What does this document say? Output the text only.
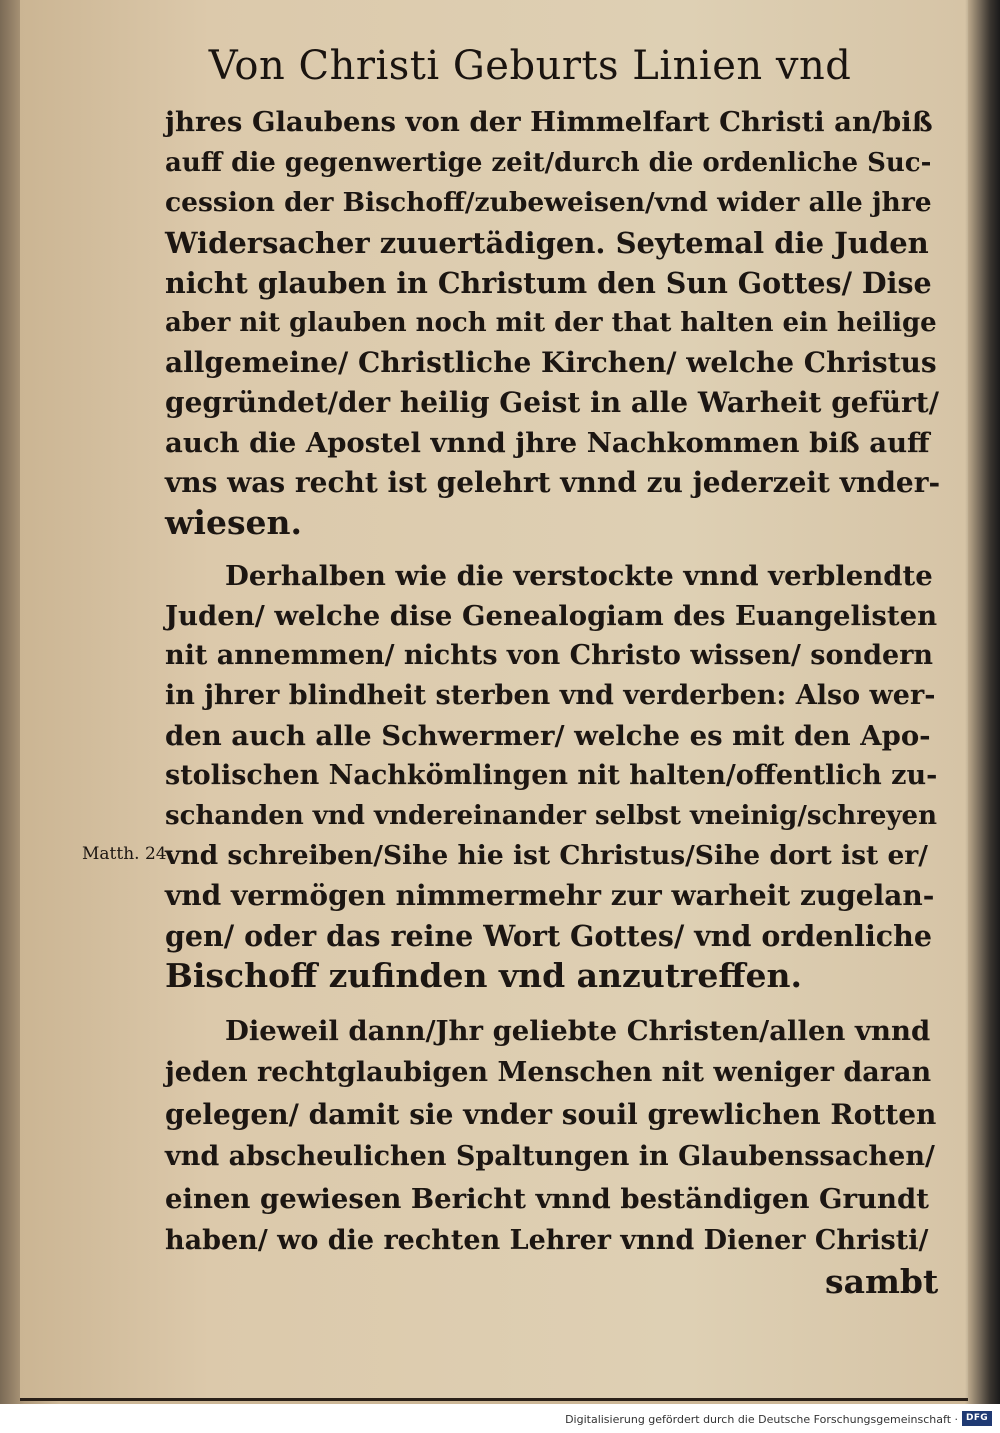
Von Christi Geburts Linien vnd
jhres Glaubens von der Himmelfart Christi an/biß
auff die gegenwertige zeit/durch die ordenliche Suc-
cession der Bischoff/zubeweisen/vnd wider alle jhre
Widersacher zuuertädigen. Seytemal die Juden
nicht glauben in Christum den Sun Gottes/ Dise
aber nit glauben noch mit der that halten ein heilige
allgemeine/ Christliche Kirchen/ welche Christus
gegründet/der heilig Geist in alle Warheit gefürt/
auch die Apostel vnnd jhre Nachkommen biß auff
vns was recht ist gelehrt vnnd zu jederzeit vnder-
wiesen.
Derhalben wie die verstockte vnnd verblendte
Juden/ welche dise Genealogiam des Euangelisten
nit annemmen/ nichts von Christo wissen/ sondern
in jhrer blindheit sterben vnd verderben: Also wer-
den auch alle Schwermer/ welche es mit den Apo-
stolischen Nachkömlingen nit halten/offentlich zu-
schanden vnd vndereinander selbst vneinig/schreyen
vnd schreiben/Sihe hie ist Christus/Sihe dort ist er/
vnd vermögen nimmermehr zur warheit zugelan-
gen/ oder das reine Wort Gottes/ vnd ordenliche
Bischoff zufinden vnd anzutreffen.
Dieweil dann/Jhr geliebte Christen/allen vnnd
jeden rechtglaubigen Menschen nit weniger daran
gelegen/ damit sie vnder souil grewlichen Rotten
vnd abscheulichen Spaltungen in Glaubenssachen/
einen gewiesen Bericht vnnd beständigen Grundt
haben/ wo die rechten Lehrer vnnd Diener Christi/
sambt
Matth. 24.
Digitalisierung gefördert durch die Deutsche Forschungsgemeinschaft · DFG
